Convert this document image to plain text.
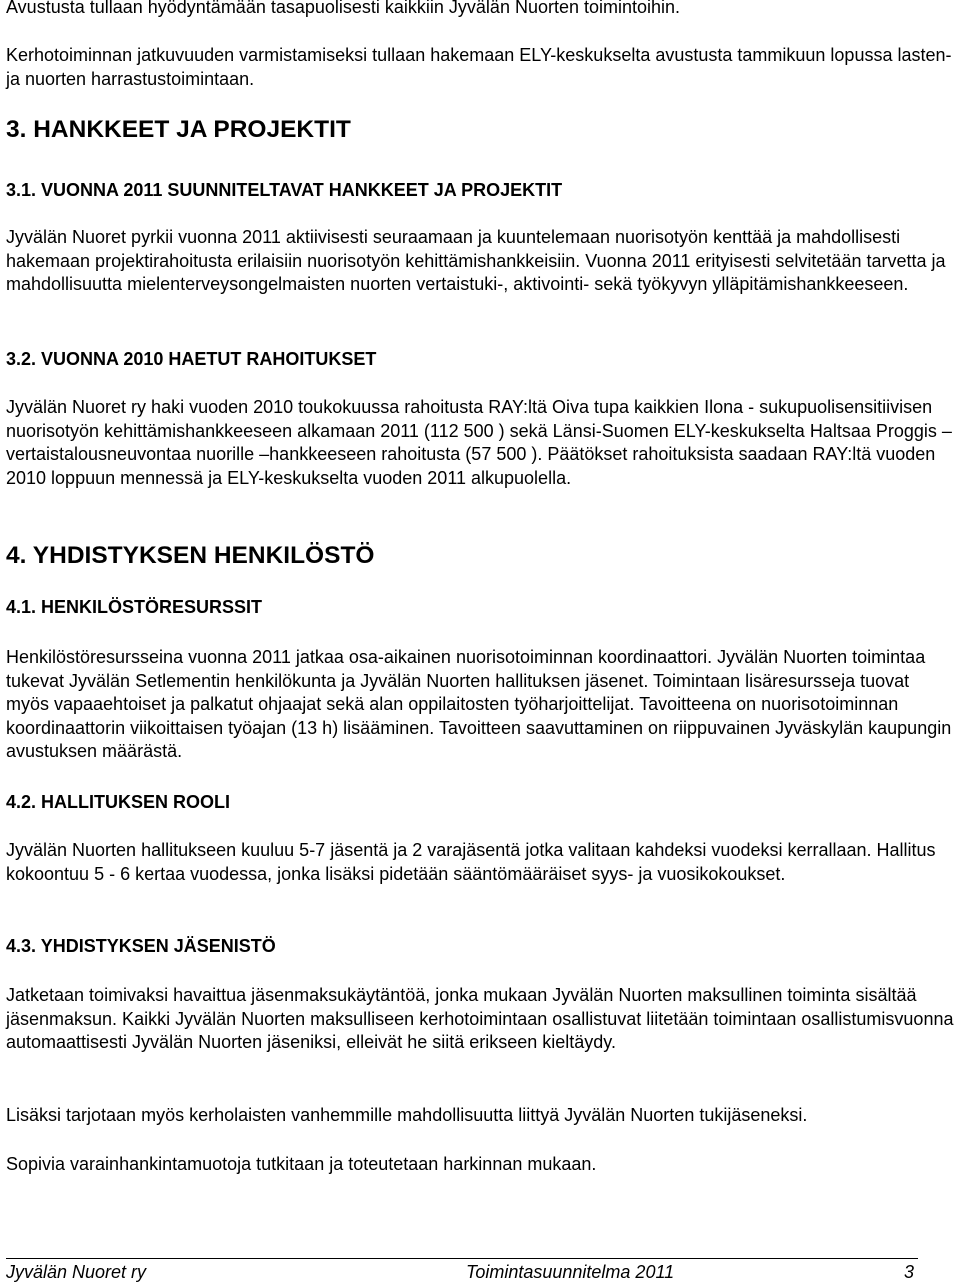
Avustusta tullaan hyödyntämään tasapuolisesti kaikkiin Jyvälän Nuorten toimintoihin.

Kerhotoiminnan jatkuvuuden varmistamiseksi tullaan hakemaan ELY-keskukselta avustusta tammikuun lopussa lasten- ja nuorten harrastustoimintaan.

3. HANKKEET JA PROJEKTIT
3.1. VUONNA 2011 SUUNNITELTAVAT HANKKEET JA PROJEKTIT

Jyvälän Nuoret pyrkii vuonna 2011 aktiivisesti seuraamaan ja kuuntelemaan nuorisotyön kenttää ja mahdollisesti hakemaan projektirahoitusta erilaisiin nuorisotyön kehittämishankkeisiin. Vuonna 2011 erityisesti selvitetään tarvetta ja mahdollisuutta mielenterveysongelmaisten nuorten vertaistuki-, aktivointi- sekä työkyvyn ylläpitämishankkeeseen.

3.2. VUONNA 2010 HAETUT RAHOITUKSET

Jyvälän Nuoret ry haki vuoden 2010 toukokuussa rahoitusta RAY:ltä Oiva tupa kaikkien Ilona - sukupuolisensitiivisen nuorisotyön kehittämishankkeeseen alkamaan 2011 (112 500 ) sekä Länsi-Suomen ELY-keskukselta Haltsaa Proggis –vertaistalousneuvontaa nuorille –hankkeeseen rahoitusta (57 500 ). Päätökset rahoituksista saadaan RAY:ltä vuoden 2010 loppuun mennessä ja ELY-keskukselta vuoden 2011 alkupuolella.

4. YHDISTYKSEN HENKILÖSTÖ
4.1. HENKILÖSTÖRESURSSIT

Henkilöstöresursseina vuonna 2011 jatkaa osa-aikainen nuorisotoiminnan koordinaattori. Jyvälän Nuorten toimintaa tukevat Jyvälän Setlementin henkilökunta ja Jyvälän Nuorten hallituksen jäsenet. Toimintaan lisäresursseja tuovat myös vapaaehtoiset ja palkatut ohjaajat sekä alan oppilaitosten työharjoittelijat. Tavoitteena on nuorisotoiminnan koordinaattorin viikoittaisen työajan (13 h) lisääminen. Tavoitteen saavuttaminen on riippuvainen Jyväskylän kaupungin avustuksen määrästä.

4.2. HALLITUKSEN ROOLI

Jyvälän Nuorten hallitukseen kuuluu 5-7 jäsentä ja 2 varajäsentä jotka valitaan kahdeksi vuodeksi kerrallaan. Hallitus kokoontuu 5 - 6 kertaa vuodessa, jonka lisäksi pidetään sääntömääräiset syys- ja vuosikokoukset.

4.3. YHDISTYKSEN JÄSENISTÖ

Jatketaan toimivaksi havaittua jäsenmaksukäytäntöä, jonka mukaan Jyvälän Nuorten maksullinen toiminta sisältää jäsenmaksun. Kaikki Jyvälän Nuorten maksulliseen kerhotoimintaan osallistuvat liitetään toimintaan osallistumisvuonna automaattisesti Jyvälän Nuorten jäseniksi, elleivät he siitä erikseen kieltäydy.

Lisäksi tarjotaan myös kerholaisten vanhemmille mahdollisuutta liittyä Jyvälän Nuorten tukijäseneksi.

Sopivia varainhankintamuotoja tutkitaan ja toteutetaan harkinnan mukaan.

Jyvälän Nuoret ry	Toimintasuunnitelma 2011	3
